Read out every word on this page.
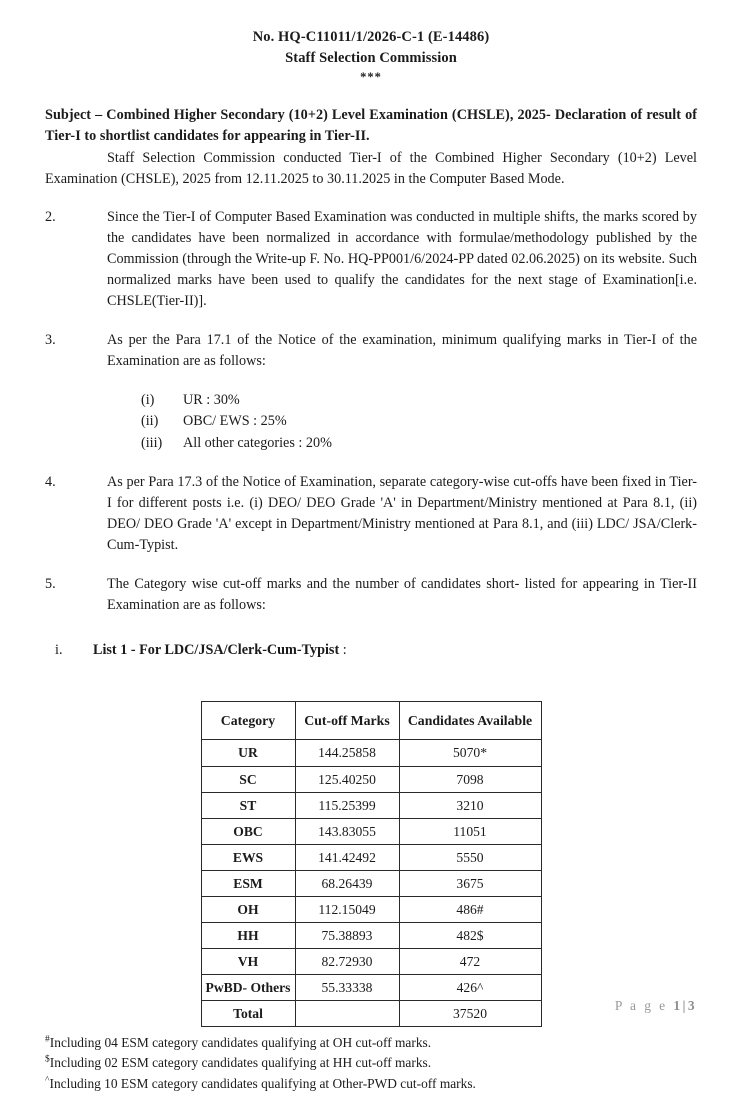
No. HQ-C11011/1/2026-C-1 (E-14486)
Staff Selection Commission
***
Subject – Combined Higher Secondary (10+2) Level Examination (CHSLE), 2025- Declaration of result of Tier-I to shortlist candidates for appearing in Tier-II.

Staff Selection Commission conducted Tier-I of the Combined Higher Secondary (10+2) Level Examination (CHSLE), 2025 from 12.11.2025 to 30.11.2025 in the Computer Based Mode.

2.	Since the Tier-I of Computer Based Examination was conducted in multiple shifts, the marks scored by the candidates have been normalized in accordance with formulae/methodology published by the Commission (through the Write-up F. No. HQ-PP001/6/2024-PP dated 02.06.2025) on its website. Such normalized marks have been used to qualify the candidates for the next stage of Examination[i.e. CHSLE(Tier-II)].
3.	As per the Para 17.1 of the Notice of the examination, minimum qualifying marks in Tier-I of the Examination are as follows:
(i)	UR : 30%
(ii)	OBC/ EWS : 25%
(iii)	All other categories : 20%
4.	As per Para 17.3 of the Notice of Examination, separate category-wise cut-offs have been fixed in Tier-I for different posts i.e. (i) DEO/ DEO Grade 'A' in Department/Ministry mentioned at Para 8.1, (ii) DEO/ DEO Grade 'A' except in Department/Ministry mentioned at Para 8.1, and (iii) LDC/ JSA/Clerk-Cum-Typist.
5.	The Category wise cut-off marks and the number of candidates short- listed for appearing in Tier-II Examination are as follows:
i.	List 1 - For LDC/JSA/Clerk-Cum-Typist :
Category	Cut-off Marks	Candidates Available
UR	144.25858	5070*
SC	125.40250	7098
ST	115.25399	3210
OBC	143.83055	11051
EWS	141.42492	5550
ESM	68.26439	3675
OH	112.15049	486#
HH	75.38893	482$
VH	82.72930	472
PwBD- Others	55.33338	426^
Total		37520
#Including 04 ESM category candidates qualifying at OH cut-off marks.
$Including 02 ESM category candidates qualifying at HH cut-off marks.
^Including 10 ESM category candidates qualifying at Other-PWD cut-off marks.
P a g e 1|3
